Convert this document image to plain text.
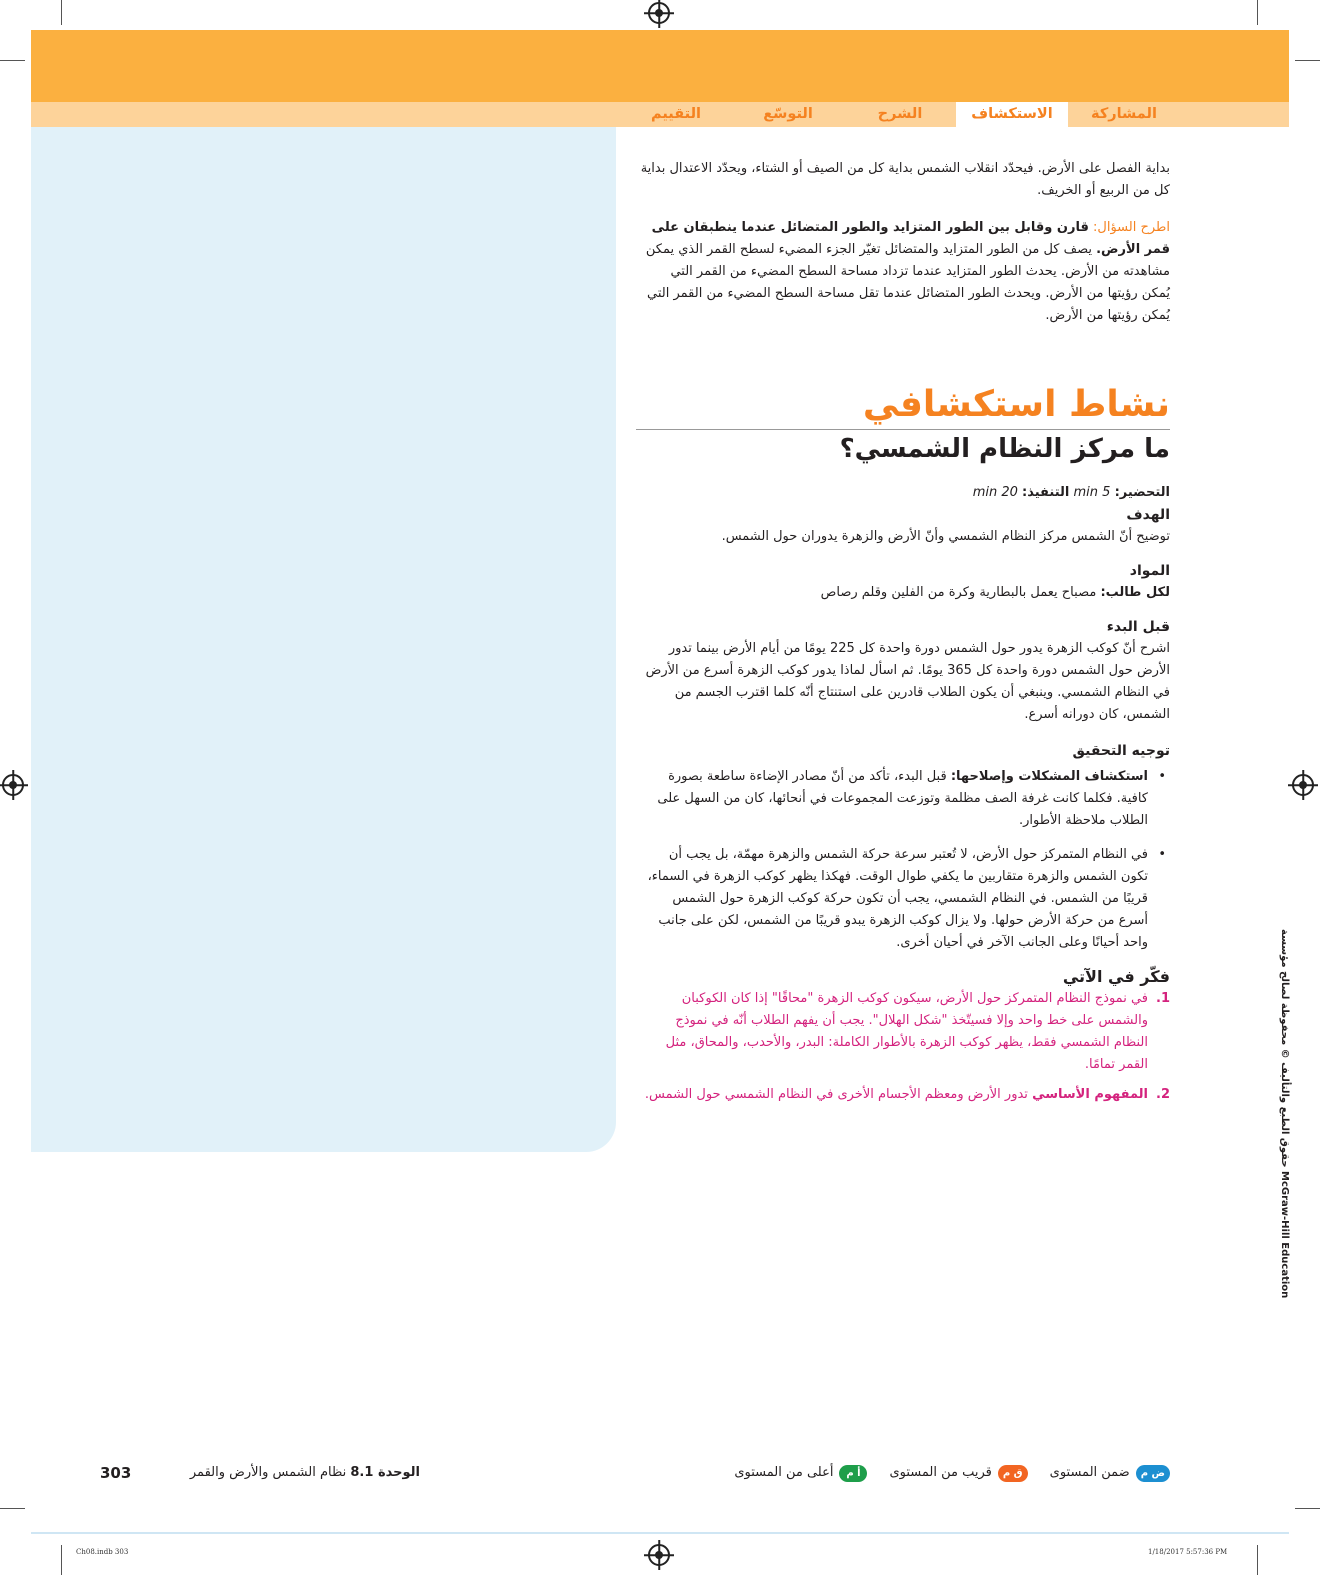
المشاركة
الاستكشاف
الشرح
التوسّع
التقييم

بداية الفصل على الأرض. فيحدّد انقلاب الشمس بداية كل من الصيف أو الشتاء، ويحدّد الاعتدال بداية كل من الربيع أو الخريف.

اطرح السؤال: قارن وقابل بين الطور المتزايد والطور المتضائل عندما ينطبقان على قمر الأرض. يصف كل من الطور المتزايد والمتضائل تغيّر الجزء المضيء لسطح القمر الذي يمكن مشاهدته من الأرض. يحدث الطور المتزايد عندما تزداد مساحة السطح المضيء من القمر التي يُمكن رؤيتها من الأرض. ويحدث الطور المتضائل عندما تقل مساحة السطح المضيء من القمر التي يُمكن رؤيتها من الأرض.

نشاط استكشافي
ما مركز النظام الشمسي؟

التحضير: 5 min التنفيذ: 20 min

الهدف

توضيح أنّ الشمس مركز النظام الشمسي وأنّ الأرض والزهرة يدوران حول الشمس.

المواد

لكل طالب: مصباح يعمل بالبطارية وكرة من الفلين وقلم رصاص

قبل البدء

اشرح أنّ كوكب الزهرة يدور حول الشمس دورة واحدة كل 225 يومًا من أيام الأرض بينما تدور الأرض حول الشمس دورة واحدة كل 365 يومًا. ثم اسأل لماذا يدور كوكب الزهرة أسرع من الأرض في النظام الشمسي. وينبغي أن يكون الطلاب قادرين على استنتاج أنّه كلما اقترب الجسم من الشمس، كان دورانه أسرع.

توجيه التحقيق

• استكشاف المشكلات وإصلاحها: قبل البدء، تأكد من أنّ مصادر الإضاءة ساطعة بصورة كافية. فكلما كانت غرفة الصف مظلمة وتوزعت المجموعات في أنحائها، كان من السهل على الطلاب ملاحظة الأطوار.
• في النظام المتمركز حول الأرض، لا تُعتبر سرعة حركة الشمس والزهرة مهمّة، بل يجب أن تكون الشمس والزهرة متقاربين ما يكفي طوال الوقت. فهكذا يظهر كوكب الزهرة في السماء، قريبًا من الشمس. في النظام الشمسي، يجب أن تكون حركة كوكب الزهرة حول الشمس أسرع من حركة الأرض حولها. ولا يزال كوكب الزهرة يبدو قريبًا من الشمس، لكن على جانب واحد أحيانًا وعلى الجانب الآخر في أحيان أخرى.

فكّر في الآتي

1.
في نموذج النظام المتمركز حول الأرض، سيكون كوكب الزهرة "محاقًا" إذا كان الكوكبان والشمس على خط واحد وإلا فسيتّخذ "شكل الهلال". يجب أن يفهم الطلاب أنّه في نموذج النظام الشمسي فقط، يظهر كوكب الزهرة بالأطوار الكاملة: البدر، والأحدب، والمحاق، مثل القمر تمامًا.
2.
المفهوم الأساسي تدور الأرض ومعظم الأجسام الأخرى في النظام الشمسي حول الشمس.	حقوق الطبع والتأليف © محفوظة لصالح مؤسسة McGraw-Hill Education
303	الوحدة 8.1 نظام الشمس والأرض والقمر	ض م
ضمن المستوى
ق م
قريب من المستوى
أ م
أعلى من المستوى
Ch08.indb 303	1/18/2017 5:57:36 PM
